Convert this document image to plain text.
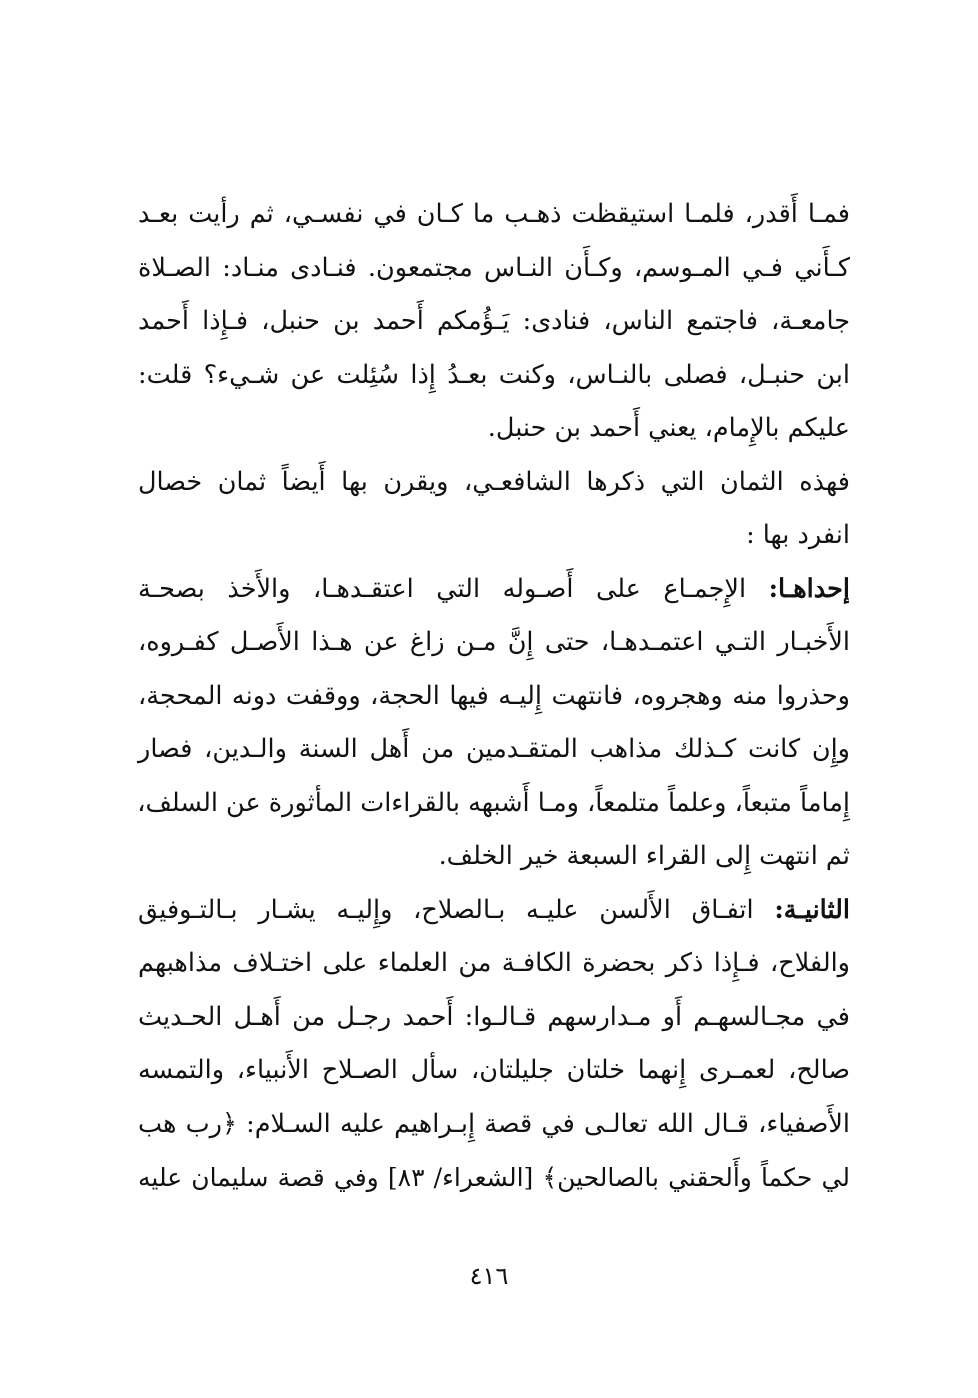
فمـا أَقدر، فلمـا استيقظت ذهـب ما كـان في نفسـي، ثم رأيت بعـد
كـأَني فـي المـوسم، وكـأَن النـاس مجتمعون. فنـادى منـاد: الصـلاة
جامعـة، فاجتمع الناس، فنادى: يَـؤُمكم أَحمد بن حنبل، فـإِذا أَحمد
ابن حنبـل، فصلى بالنـاس، وكنت بعـدُ إِذا سُئِلت عن شـيء؟ قلت:
عليكم بالإِمام، يعني أَحمد بن حنبل.
فهذه الثمان التي ذكرها الشافعـي، ويقرن بها أَيضاً ثمان خصال
انفرد بها :
إحداهـا: الإِجمـاع على أَصـوله التي اعتقـدهـا، والأَخذ بصحـة
الأَخبـار التـي اعتمـدهـا، حتى إِنَّ مـن زاغ عن هـذا الأَصـل كفـروه،
وحذروا منه وهجروه، فانتهت إِليـه فيها الحجة، ووقفت دونه المحجة،
وإِن كانت كـذلك مذاهب المتقـدمين من أَهل السنة والـدين، فصار
إِماماً متبعاً، وعلماً متلمعاً، ومـا أَشبهه بالقراءات المأثورة عن السلف،
ثم انتهت إِلى القراء السبعة خير الخلف.
الثانيـة: اتفـاق الأَلسن عليـه بـالصلاح، وإِليـه يشـار بـالتـوفيق
والفلاح، فـإِذا ذكر بحضرة الكافـة من العلماء على اختـلاف مذاهبهم
في مجـالسهـم أَو مـدارسهم قـالـوا: أَحمد رجـل من أَهـل الحـديث
صالح، لعمـرى إِنهما خلتان جليلتان، سأل الصـلاح الأَنبياء، والتمسه
الأَصفياء، قـال الله تعالـى في قصة إِبـراهيم عليه السـلام: ﴿رب هب
لي حكماً وأَلحقني بالصالحين﴾ [الشعراء/ ٨٣] وفي قصة سليمان عليه
٤١٦
